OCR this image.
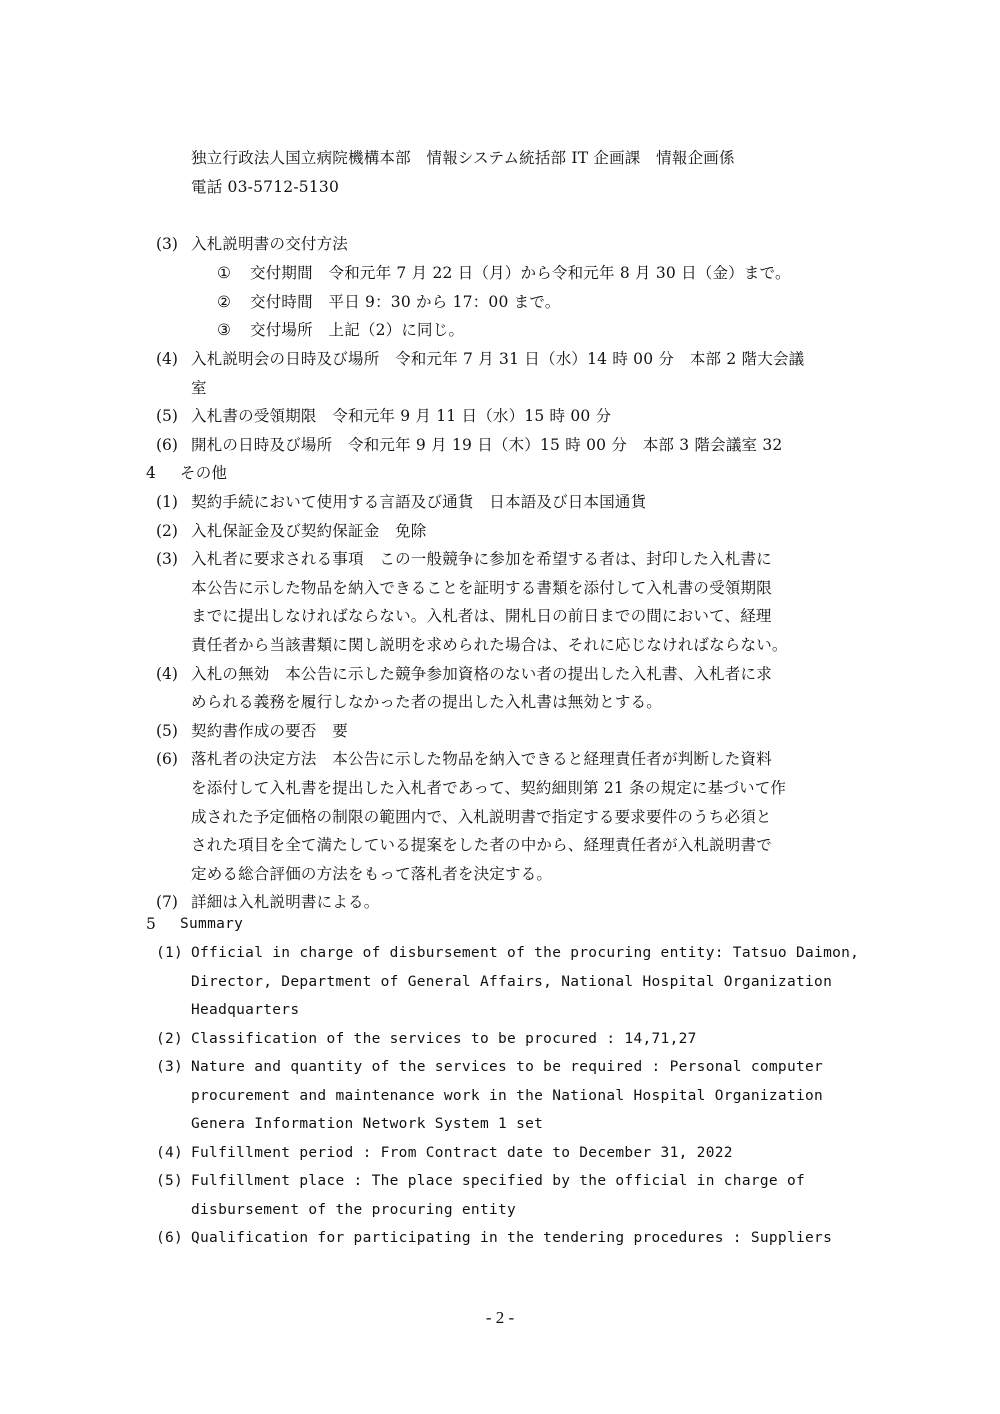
独立行政法人国立病院機構本部　情報システム統括部 IT 企画課　情報企画係
電話 03-5712-5130
(3) 入札説明書の交付方法
① 交付期間　令和元年 7 月 22 日（月）から令和元年 8 月 30 日（金）まで。
② 交付時間　平日 9：30 から 17：00 まで。
③ 交付場所　上記（2）に同じ。
(4) 入札説明会の日時及び場所　令和元年 7 月 31 日（水）14 時 00 分　本部 2 階大会議
室
(5) 入札書の受領期限　令和元年 9 月 11 日（水）15 時 00 分
(6) 開札の日時及び場所　令和元年 9 月 19 日（木）15 時 00 分　本部 3 階会議室 32
4 その他
(1) 契約手続において使用する言語及び通貨　日本語及び日本国通貨
(2) 入札保証金及び契約保証金　免除
(3) 入札者に要求される事項　この一般競争に参加を希望する者は、封印した入札書に
本公告に示した物品を納入できることを証明する書類を添付して入札書の受領期限
までに提出しなければならない。入札者は、開札日の前日までの間において、経理
責任者から当該書類に関し説明を求められた場合は、それに応じなければならない。
(4) 入札の無効　本公告に示した競争参加資格のない者の提出した入札書、入札者に求
められる義務を履行しなかった者の提出した入札書は無効とする。
(5) 契約書作成の要否　要
(6) 落札者の決定方法　本公告に示した物品を納入できると経理責任者が判断した資料
を添付して入札書を提出した入札者であって、契約細則第 21 条の規定に基づいて作
成された予定価格の制限の範囲内で、入札説明書で指定する要求要件のうち必須と
された項目を全て満たしている提案をした者の中から、経理責任者が入札説明書で
定める総合評価の方法をもって落札者を決定する。
(7) 詳細は入札説明書による。
5 Summary
(1) Official in charge of disbursement of the procuring entity: Tatsuo Daimon,
Director, Department of General Affairs, National Hospital Organization
Headquarters
(2) Classification of the services to be procured : 14,71,27
(3) Nature and quantity of the services to be required : Personal computer
procurement and maintenance work in the National Hospital Organization
Genera Information Network System 1 set
(4) Fulfillment period : From Contract date to December 31, 2022
(5) Fulfillment place : The place specified by the official in charge of
disbursement of the procuring entity
(6) Qualification for participating in the tendering procedures : Suppliers
- 2 -
